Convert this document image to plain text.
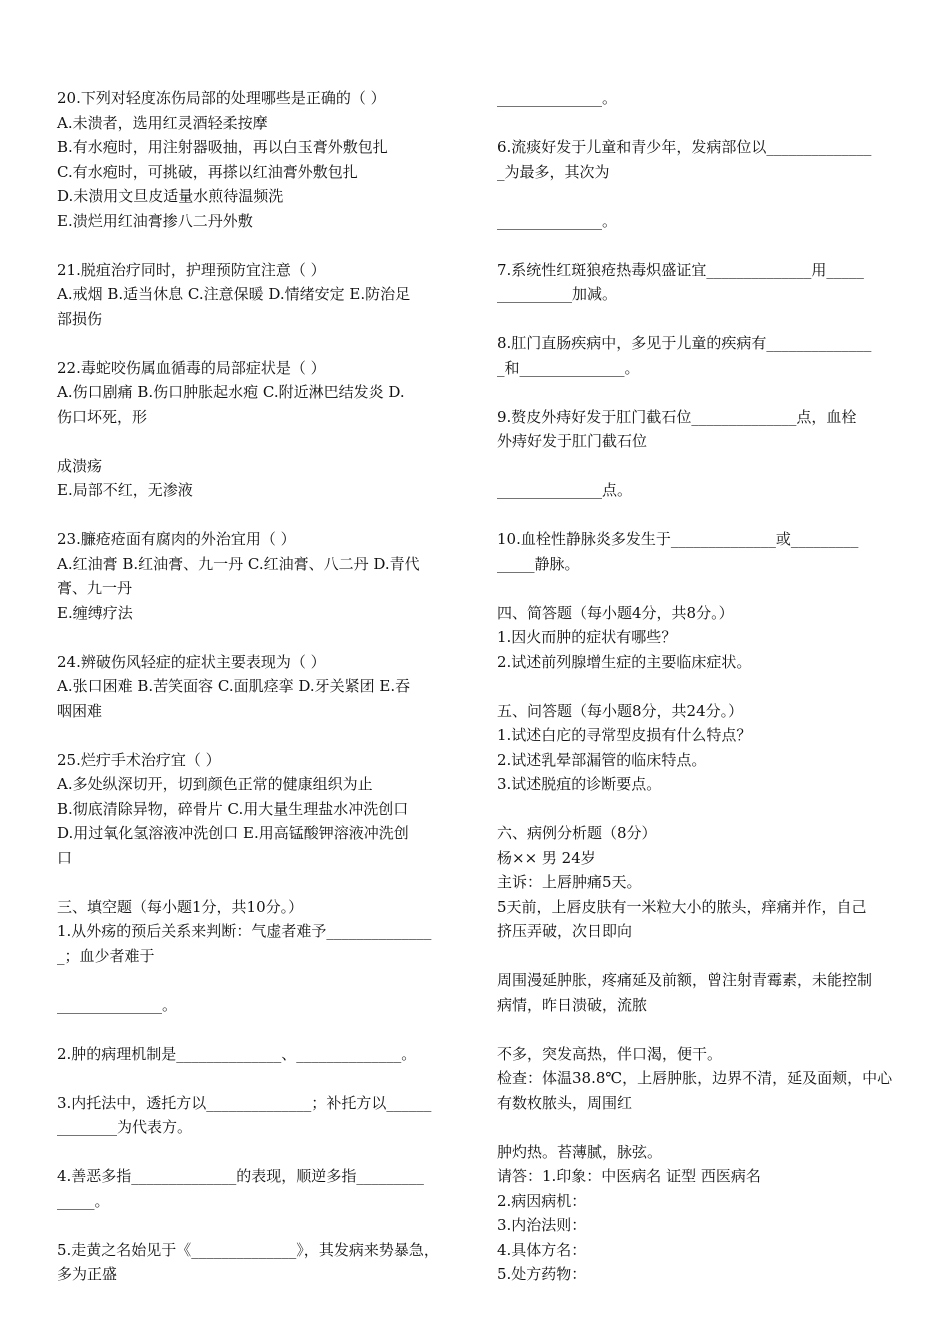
20.下列对轻度冻伤局部的处理哪些是正确的（ ）
A.未溃者，选用红灵酒轻柔按摩
B.有水疱时，用注射器吸抽，再以白玉膏外敷包扎
C.有水疱时，可挑破，再搽以红油膏外敷包扎
D.未溃用文旦皮适量水煎待温频洗
E.溃烂用红油膏掺八二丹外敷
21.脱疽治疗同时，护理预防宜注意（ ）
A.戒烟 B.适当休息 C.注意保暖 D.情绪安定 E.防治足
部损伤
22.毒蛇咬伤属血循毒的局部症状是（ ）
A.伤口剧痛 B.伤口肿胀起水疱 C.附近淋巴结发炎 D.
伤口坏死，形
成溃疡
E.局部不红，无渗液
23.臁疮疮面有腐肉的外治宜用（ ）
A.红油膏 B.红油膏、九一丹 C.红油膏、八二丹 D.青代
膏、九一丹
E.缠缚疗法
24.辨破伤风轻症的症状主要表现为（ ）
A.张口困难 B.苦笑面容 C.面肌痉挛 D.牙关紧团 E.吞
咽困难
25.烂疔手术治疗宜（ ）
A.多处纵深切开，切到颜色正常的健康组织为止
B.彻底清除异物，碎骨片 C.用大量生理盐水冲洗创口
D.用过氧化氢溶液冲洗创口 E.用高锰酸钾溶液冲洗创
口
三、填空题（每小题1分，共10分。）
1.从外疡的预后关系来判断：气虚者难予______________
_；血少者难于
______________。
2.肿的病理机制是______________、______________。
3.内托法中，透托方以______________；补托方以______
________为代表方。
4.善恶多指______________的表现，顺逆多指_________
_____。
5.走黄之名始见于《______________》，其发病来势暴急，
多为正盛
______________。
6.流痰好发于儿童和青少年，发病部位以______________
_为最多，其次为
______________。
7.系统性红斑狼疮热毒炽盛证宜______________用_____
__________加减。
8.肛门直肠疾病中，多见于儿童的疾病有______________
_和______________。
9.赘皮外痔好发于肛门截石位______________点，血栓
外痔好发于肛门截石位
______________点。
10.血栓性静脉炎多发生于______________或_________
_____静脉。
四、简答题（每小题4分，共8分。）
1.因火而肿的症状有哪些？
2.试述前列腺增生症的主要临床症状。
五、问答题（每小题8分，共24分。）
1.试述白庀的寻常型皮损有什么特点？
2.试述乳晕部漏管的临床特点。
3.试述脱疽的诊断要点。
六、病例分析题（8分）
杨×× 男 24岁
主诉：上唇肿痛5天。
5天前，上唇皮肤有一米粒大小的脓头，痒痛并作，自己
挤压弄破，次日即向
周围漫延肿胀，疼痛延及前额，曾注射青霉素，未能控制
病情，昨日溃破，流脓
不多，突发高热，伴口渴，便干。
检查：体温38.8℃，上唇肿胀，边界不清，延及面颊，中心
有数枚脓头，周围红
肿灼热。苔薄腻，脉弦。
请答：1.印象：中医病名 证型 西医病名
2.病因病机：
3.内治法则：
4.具体方名：
5.处方药物：
